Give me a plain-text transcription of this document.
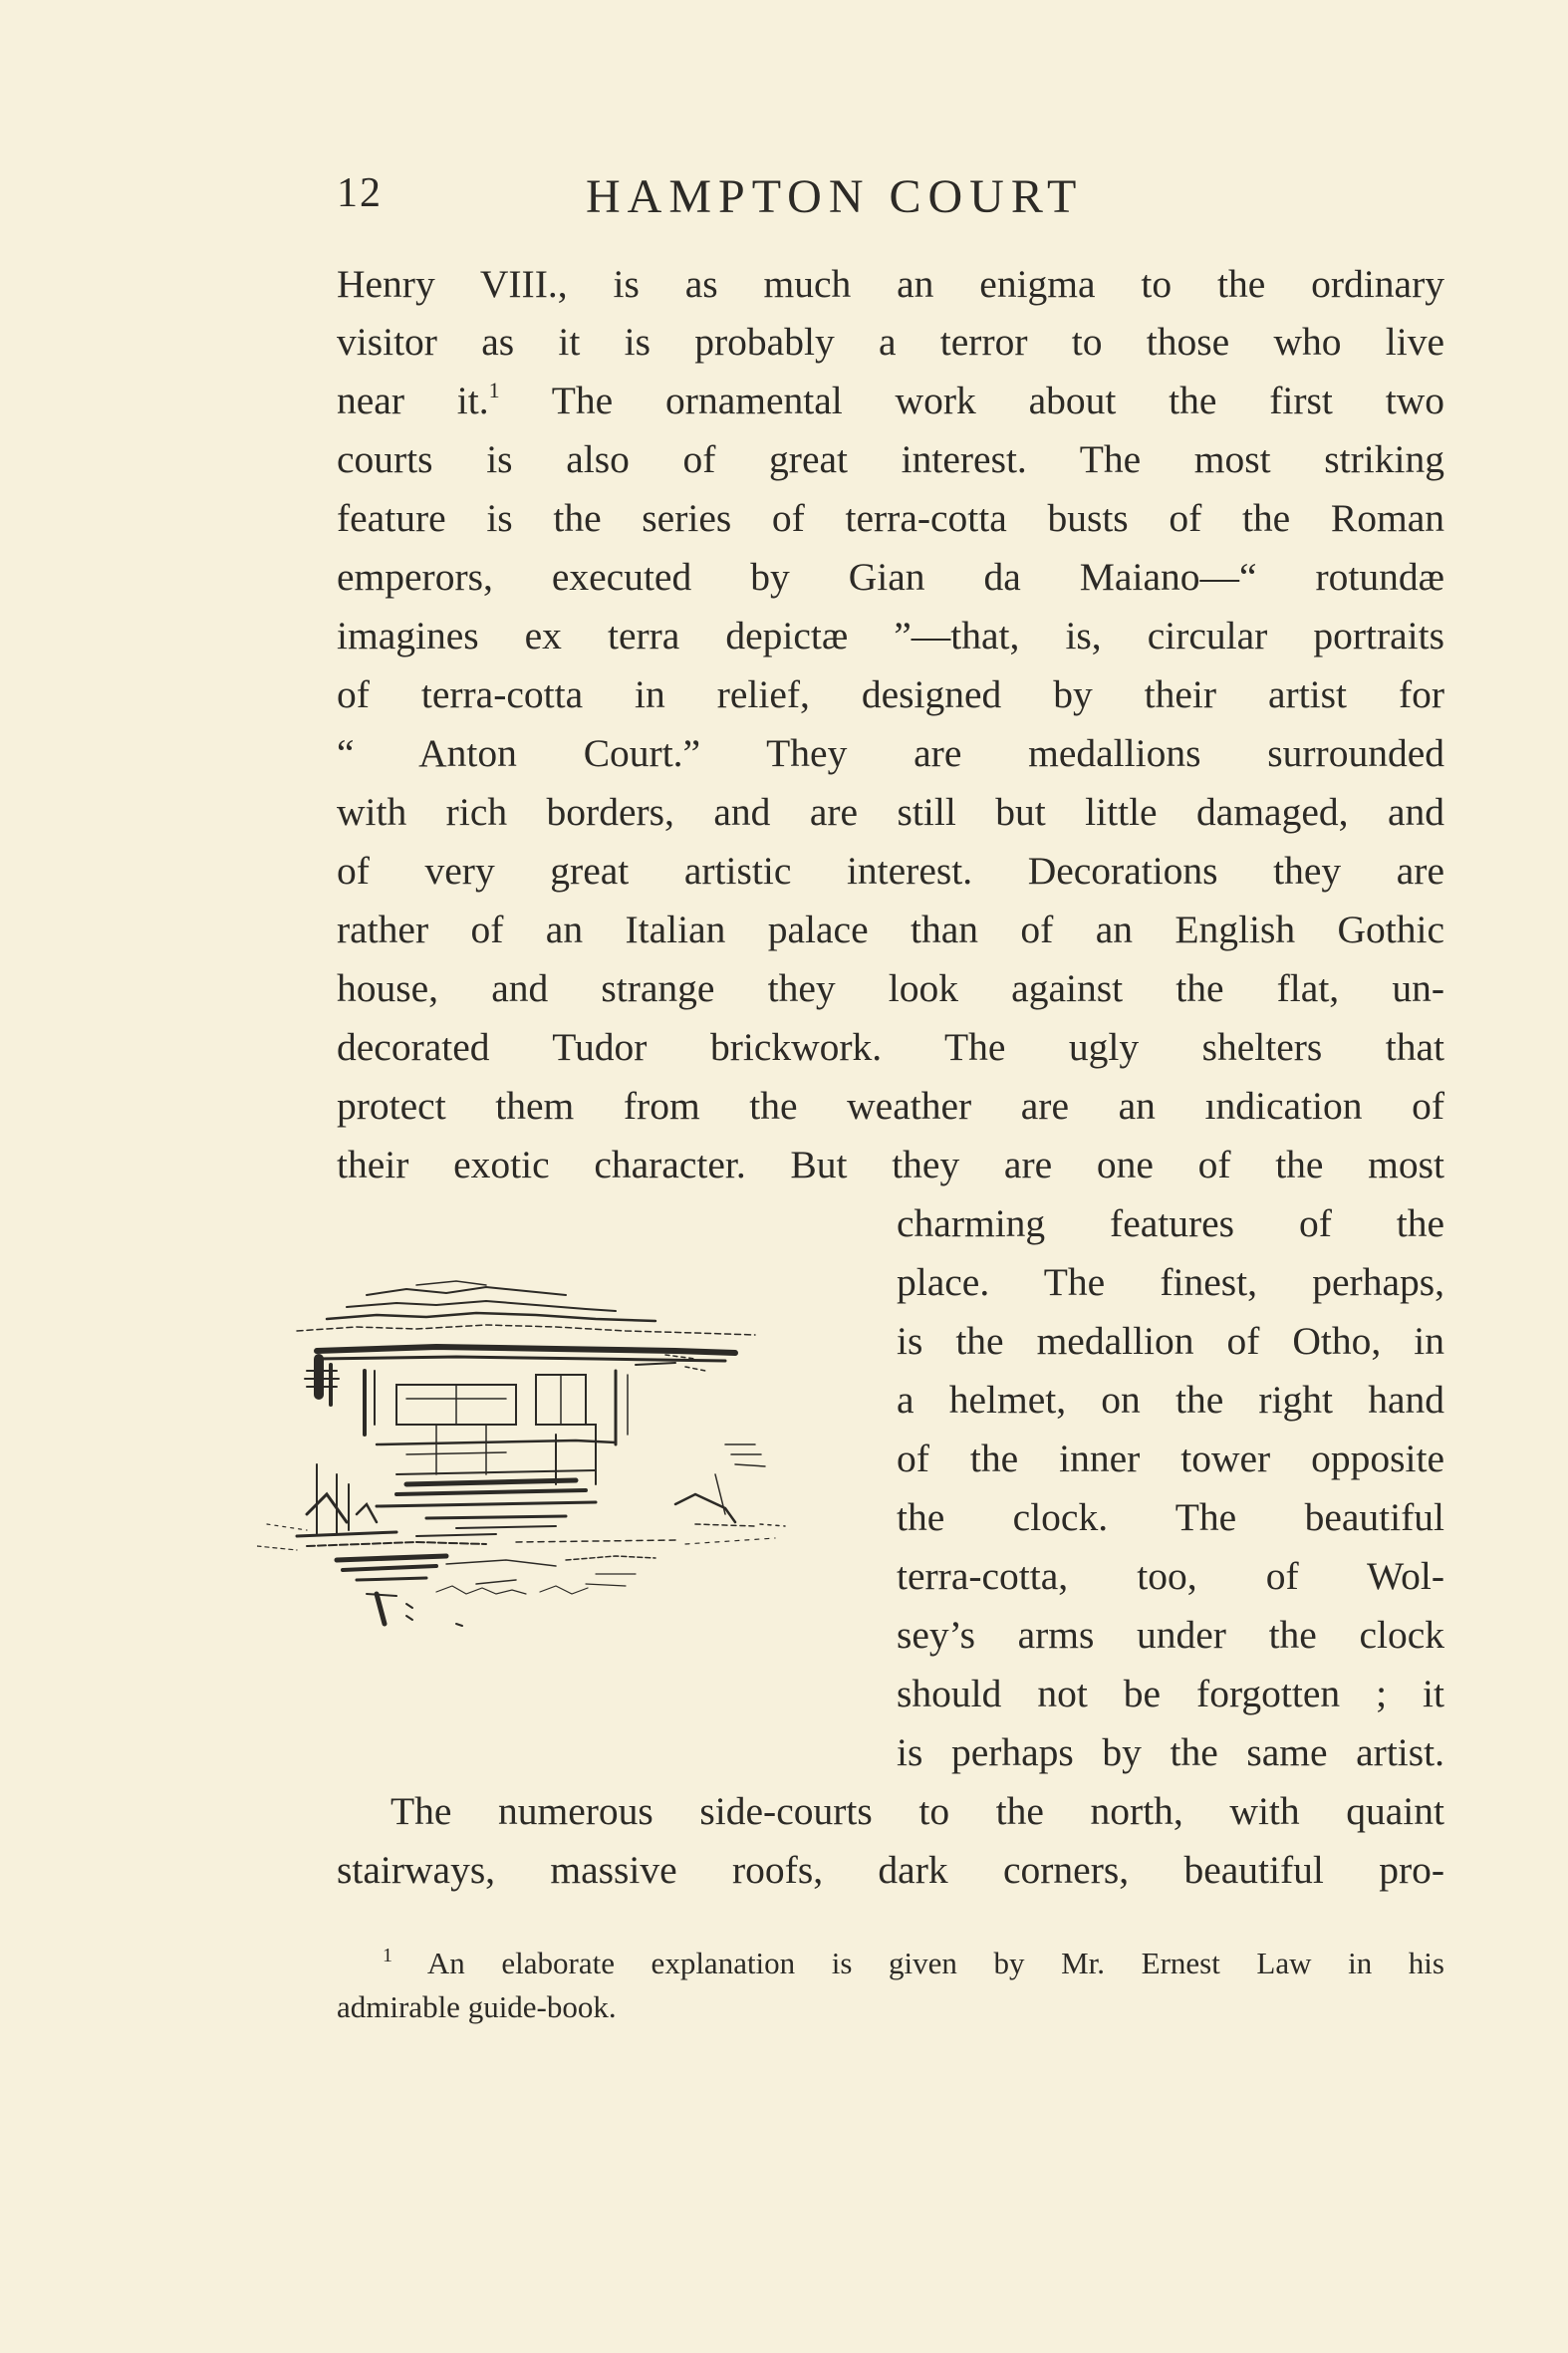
12	HAMPTON COURT
Henry VIII., is as much an enigma to the ordinary
visitor as it is probably a terror to those who live
near it.$^1$ The ornamental work about the first two
courts is also of great interest. The most striking
feature is the series of terra-cotta busts of the Roman
emperors, executed by Gian da Maiano—“ rotundæ
imagines ex terra depictæ ”—that, is, circular portraits
of terra-cotta in relief, designed by their artist for
“ Anton Court.” They are medallions surrounded
with rich borders, and are still but little damaged, and
of very great artistic interest. Decorations they are
rather of an Italian palace than of an English Gothic
house, and strange they look against the flat, un-
decorated Tudor brickwork. The ugly shelters that
protect them from the weather are an ındication of
their exotic character. But they are one of the most
charming features of the
place. The finest, perhaps,
is the medallion of Otho, in
a helmet, on the right hand
of the inner tower opposite
the clock. The beautiful
terra-cotta, too, of Wol-
sey’s arms under the clock
should not be forgotten ; it
is perhaps by the same artist.
The numerous side-courts to the north, with quaint
stairways, massive roofs, dark corners, beautiful pro-
$^1$ An elaborate explanation is given by Mr. Ernest Law in his
admirable guide-book.
